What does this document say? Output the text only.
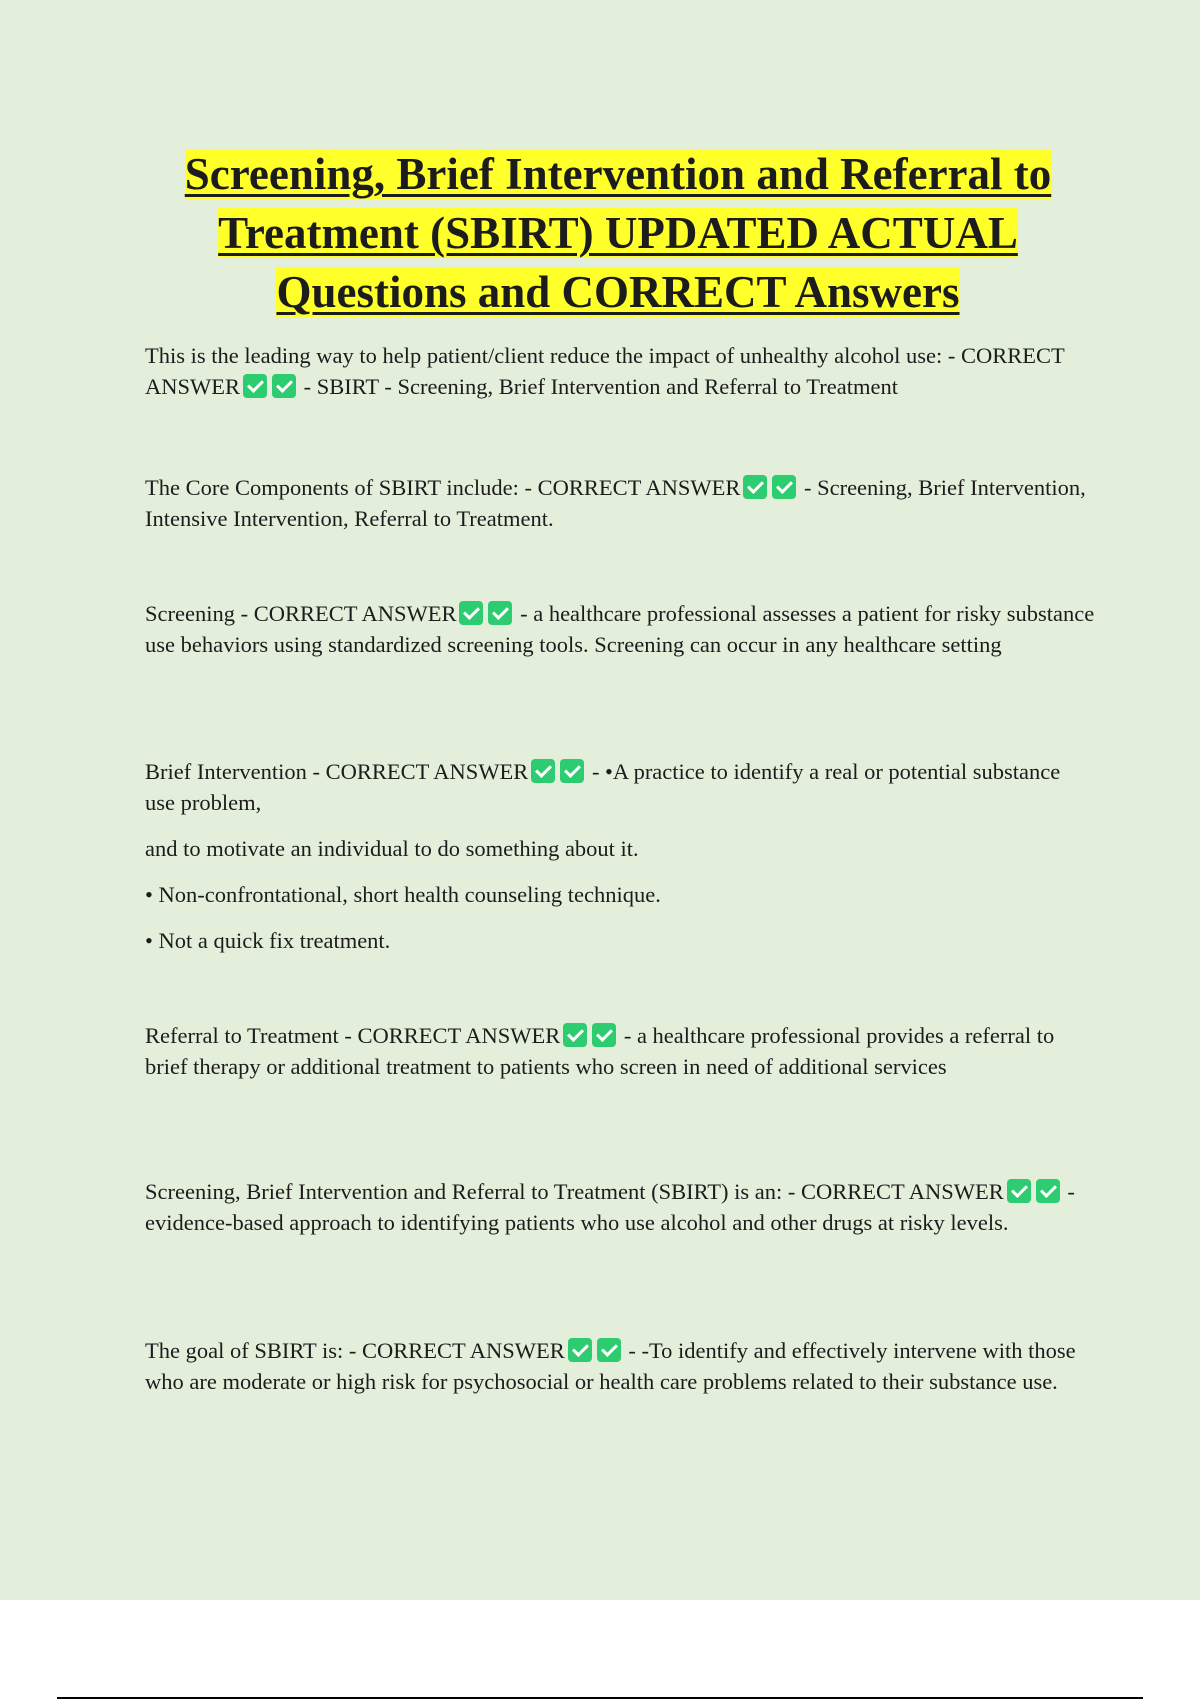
Screening, Brief Intervention and Referral to
Treatment (SBIRT) UPDATED ACTUAL
Questions and CORRECT Answers

This is the leading way to help patient/client reduce the impact of unhealthy alcohol use: - CORRECT ANSWER	- SBIRT - Screening, Brief Intervention and Referral to Treatment

The Core Components of SBIRT include: - CORRECT ANSWER	- Screening, Brief Intervention, Intensive Intervention, Referral to Treatment.

Screening - CORRECT ANSWER	- a healthcare professional assesses a patient for risky substance use behaviors using standardized screening tools. Screening can occur in any healthcare setting

Brief Intervention - CORRECT ANSWER	- •A practice to identify a real or potential substance use problem,

and to motivate an individual to do something about it.

• Non-confrontational, short health counseling technique.

• Not a quick fix treatment.

Referral to Treatment - CORRECT ANSWER	- a healthcare professional provides a referral to brief therapy or additional treatment to patients who screen in need of additional services

Screening, Brief Intervention and Referral to Treatment (SBIRT) is an: - CORRECT ANSWER	- evidence-based approach to identifying patients who use alcohol and other drugs at risky levels.

The goal of SBIRT is: - CORRECT ANSWER	- -To identify and effectively intervene with those who are moderate or high risk for psychosocial or health care problems related to their substance use.
